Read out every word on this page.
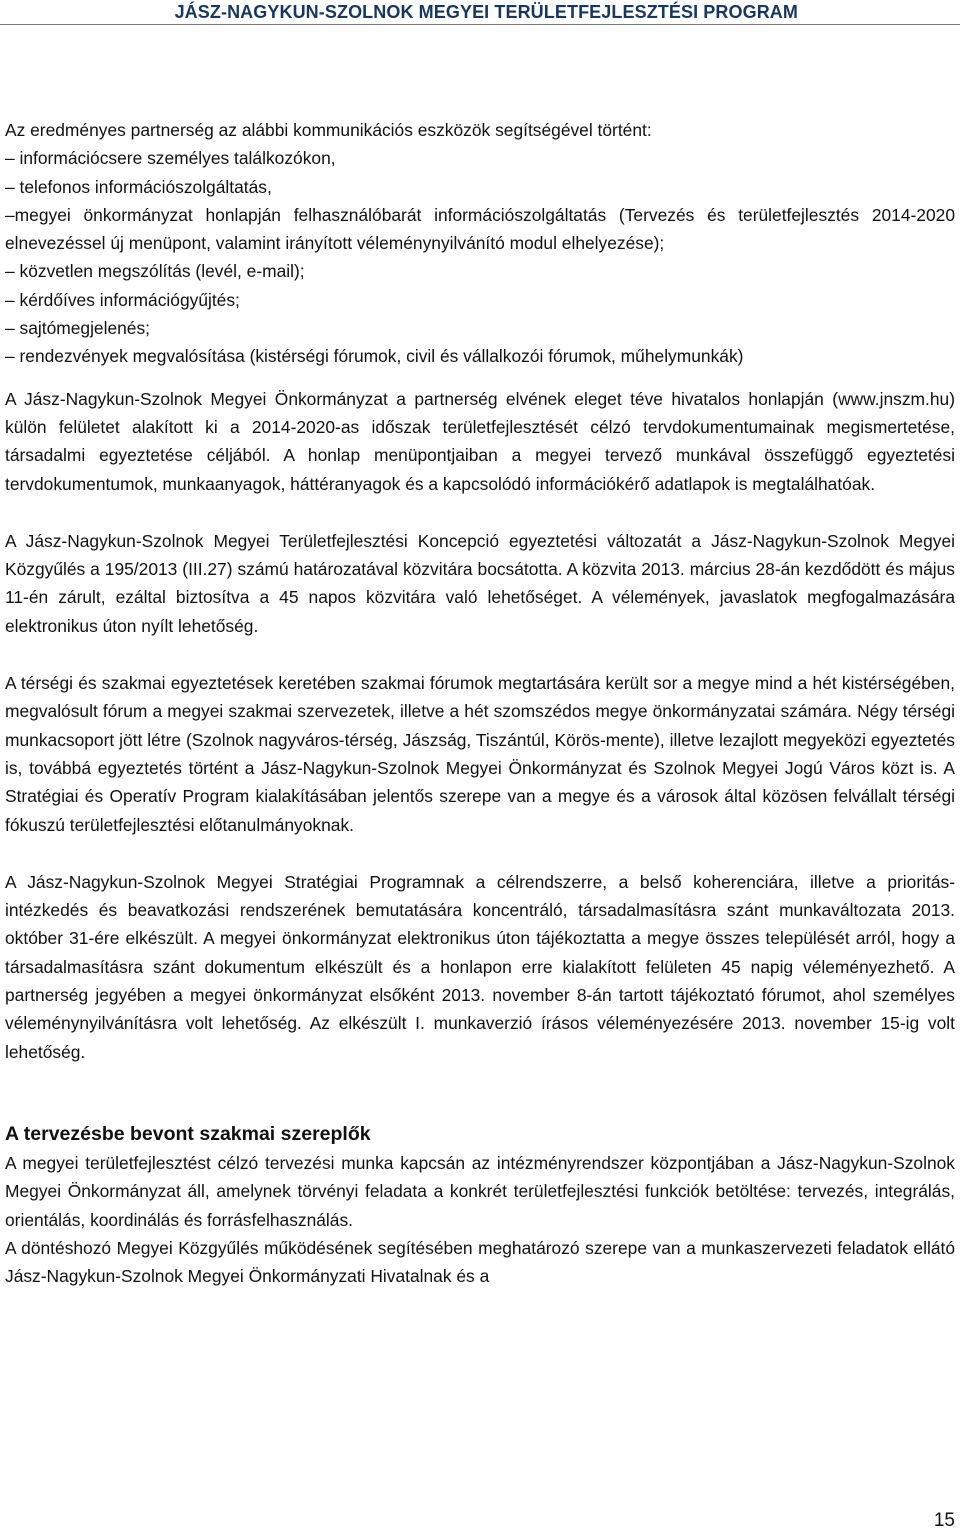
JÁSZ-NAGYKUN-SZOLNOK MEGYEI TERÜLETFEJLESZTÉSI PROGRAM

Az eredményes partnerség az alábbi kommunikációs eszközök segítségével történt:

– információcsere személyes találkozókon,
– telefonos információszolgáltatás,
–megyei önkormányzat honlapján felhasználóbarát információszolgáltatás (Tervezés és területfejlesztés 2014-2020 elnevezéssel új menüpont, valamint irányított véleménynyilvánító modul elhelyezése);
– közvetlen megszólítás (levél, e-mail);
– kérdőíves információgyűjtés;
– sajtómegjelenés;
– rendezvények megvalósítása (kistérségi fórumok, civil és vállalkozói fórumok, műhelymunkák)

A Jász-Nagykun-Szolnok Megyei Önkormányzat a partnerség elvének eleget téve hivatalos honlapján (www.jnszm.hu) külön felületet alakított ki a 2014-2020-as időszak területfejlesztését célzó tervdokumentumainak megismertetése, társadalmi egyeztetése céljából. A honlap menüpontjaiban a megyei tervező munkával összefüggő egyeztetési tervdokumentumok, munkaanyagok, háttéranyagok és a kapcsolódó információkérő adatlapok is megtalálhatóak.

A Jász-Nagykun-Szolnok Megyei Területfejlesztési Koncepció egyeztetési változatát a Jász-Nagykun-Szolnok Megyei Közgyűlés a 195/2013 (III.27) számú határozatával közvitára bocsátotta. A közvita 2013. március 28-án kezdődött és május 11-én zárult, ezáltal biztosítva a 45 napos közvitára való lehetőséget. A vélemények, javaslatok megfogalmazására elektronikus úton nyílt lehetőség.

A térségi és szakmai egyeztetések keretében szakmai fórumok megtartására került sor a megye mind a hét kistérségében, megvalósult fórum a megyei szakmai szervezetek, illetve a hét szomszédos megye önkormányzatai számára. Négy térségi munkacsoport jött létre (Szolnok nagyváros-térség, Jászság, Tiszántúl, Körös-mente), illetve lezajlott megyeközi egyeztetés is, továbbá egyeztetés történt a Jász-Nagykun-Szolnok Megyei Önkormányzat és Szolnok Megyei Jogú Város közt is. A Stratégiai és Operatív Program kialakításában jelentős szerepe van a megye és a városok által közösen felvállalt térségi fókuszú területfejlesztési előtanulmányoknak.

A Jász-Nagykun-Szolnok Megyei Stratégiai Programnak a célrendszerre, a belső koherenciára, illetve a prioritás-intézkedés és beavatkozási rendszerének bemutatására koncentráló, társadalmasításra szánt munkaváltozata 2013. október 31-ére elkészült. A megyei önkormányzat elektronikus úton tájékoztatta a megye összes települését arról, hogy a társadalmasításra szánt dokumentum elkészült és a honlapon erre kialakított felületen 45 napig véleményezhető. A partnerség jegyében a megyei önkormányzat elsőként 2013. november 8-án tartott tájékoztató fórumot, ahol személyes véleménynyilvánításra volt lehetőség. Az elkészült I. munkaverzió írásos véleményezésére 2013. november 15-ig volt lehetőség.

A tervezésbe bevont szakmai szereplők

A megyei területfejlesztést célzó tervezési munka kapcsán az intézményrendszer központjában a Jász-Nagykun-Szolnok Megyei Önkormányzat áll, amelynek törvényi feladata a konkrét területfejlesztési funkciók betöltése: tervezés, integrálás, orientálás, koordinálás és forrásfelhasználás.

A döntéshozó Megyei Közgyűlés működésének segítésében meghatározó szerepe van a munkaszervezeti feladatok ellátó Jász-Nagykun-Szolnok Megyei Önkormányzati Hivatalnak és a

15
